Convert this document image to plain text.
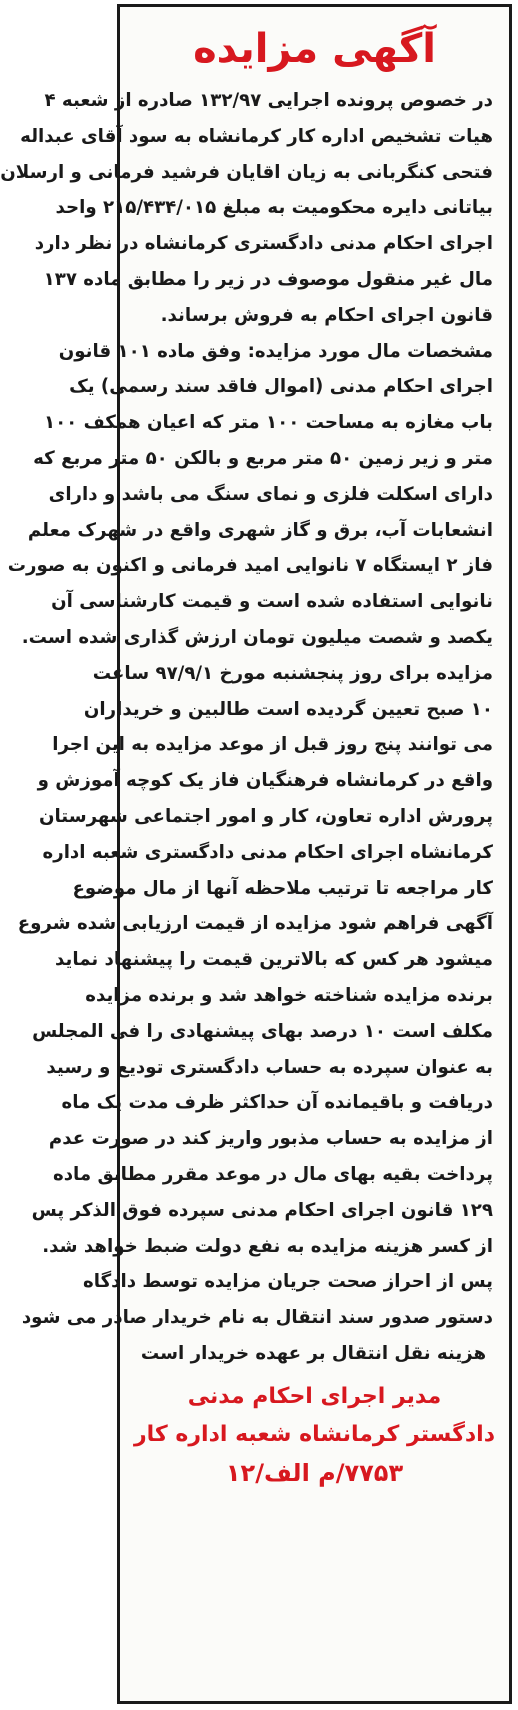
آگهی مزایده
در خصوص پرونده اجرایی ۱۳۲/۹۷ صادره از شعبه ۴
هیات تشخیص اداره کار کرمانشاه به سود آقای عبداله
فتحی کنگربانی به زیان اقایان فرشید فرمانی و ارسلان
بیاتانی دایره محکومیت به مبلغ ۲۱۵/۴۳۴/۰۱۵ واحد
اجرای احکام مدنی دادگستری کرمانشاه در نظر دارد
مال غیر منقول موصوف در زیر را مطابق ماده ۱۳۷
قانون اجرای احکام به فروش برساند.
مشخصات مال مورد مزایده: وفق ماده ۱۰۱ قانون
اجرای احکام مدنی (اموال فاقد سند رسمی) یک
باب مغازه به مساحت ۱۰۰ متر که اعیان همکف ۱۰۰
متر و زیر زمین ۵۰ متر مربع و بالکن ۵۰ متر مربع که
دارای اسکلت فلزی و نمای سنگ می باشد و دارای
انشعابات آب، برق و گاز شهری واقع در شهرک معلم
فاز ۲ ایستگاه ۷ نانوایی امید فرمانی و اکنون به صورت
نانوایی استفاده شده است و قیمت کارشناسی آن
یکصد و شصت میلیون تومان ارزش گذاری شده است.
مزایده برای روز پنجشنبه مورخ ۹۷/۹/۱ ساعت
۱۰ صبح تعیین گردیده است طالبین و خریداران
می توانند پنج روز قبل از موعد مزایده به این اجرا
واقع در کرمانشاه فرهنگیان فاز یک کوچه آموزش و
پرورش اداره تعاون، کار و امور اجتماعی شهرستان
کرمانشاه اجرای احکام مدنی دادگستری شعبه اداره
کار مراجعه تا ترتیب ملاحظه آنها از مال موضوع
آگهی فراهم شود مزایده از قیمت ارزیابی شده شروع
میشود هر کس که بالاترین قیمت را پیشنهاد نماید
برنده مزایده شناخته خواهد شد و برنده مزایده
مکلف است ۱۰ درصد بهای پیشنهادی را فی المجلس
به عنوان سپرده به حساب دادگستری تودیع و رسید
دریافت و باقیمانده آن حداکثر ظرف مدت یک ماه
از مزایده به حساب مذبور واریز کند در صورت عدم
پرداخت بقیه بهای مال در موعد مقرر مطابق ماده
۱۲۹ قانون اجرای احکام مدنی سپرده فوق الذکر پس
از کسر هزینه مزایده به نفع دولت ضبط خواهد شد.
پس از احراز صحت جریان مزایده توسط دادگاه
دستور صدور سند انتقال به نام خریدار صادر می شود
هزینه نقل انتقال بر عهده خریدار است
مدیر اجرای احکام مدنی
دادگستر کرمانشاه شعبه اداره کار
۷۷۵۳/م الف/۱۲
